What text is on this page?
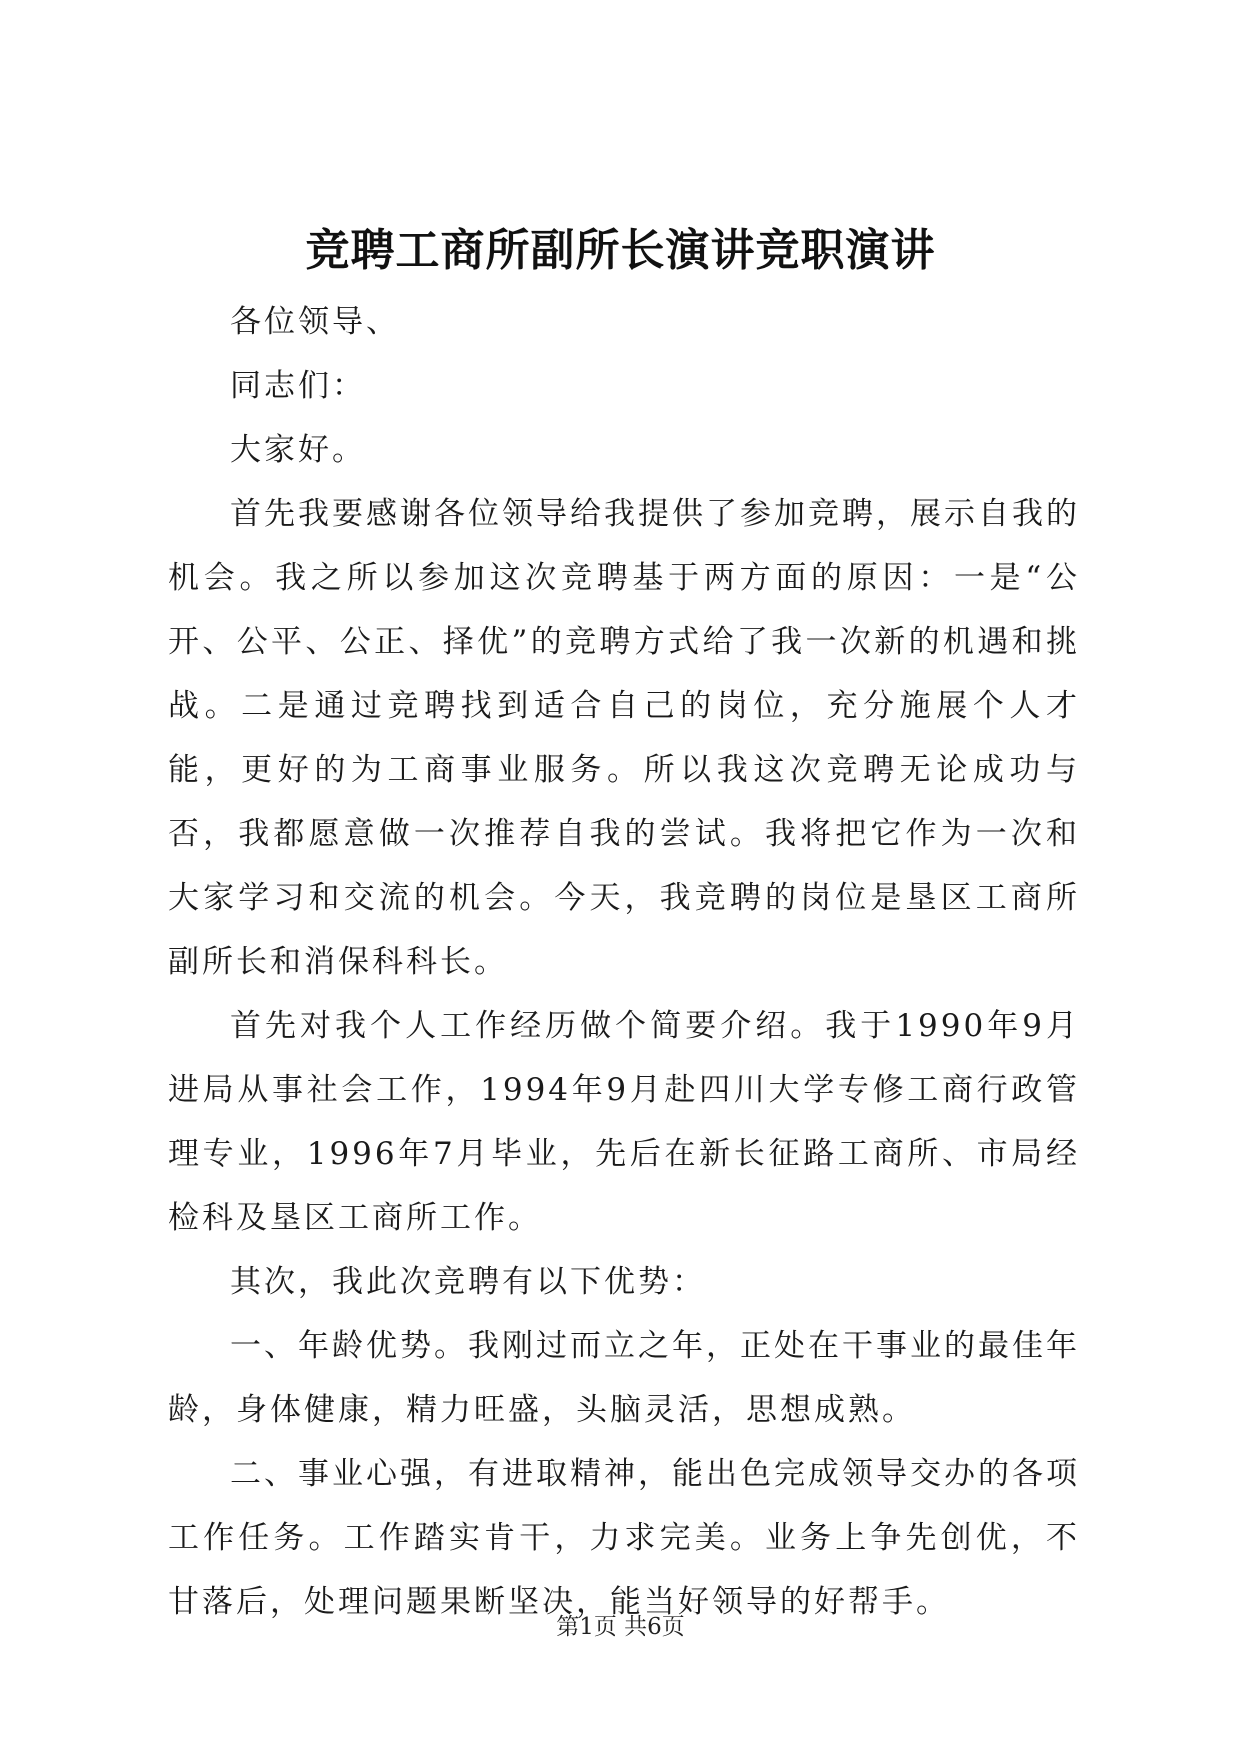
竞聘工商所副所长演讲竞职演讲

各位领导、

同志们：

大家好。

首先我要感谢各位领导给我提供了参加竞聘，展示自我的机会。我之所以参加这次竞聘基于两方面的原因：一是“公开、公平、公正、择优”的竞聘方式给了我一次新的机遇和挑战。二是通过竞聘找到适合自己的岗位，充分施展个人才能，更好的为工商事业服务。所以我这次竞聘无论成功与否，我都愿意做一次推荐自我的尝试。我将把它作为一次和大家学习和交流的机会。今天，我竞聘的岗位是垦区工商所副所长和消保科科长。

首先对我个人工作经历做个简要介绍。我于1990年9月进局从事社会工作，1994年9月赴四川大学专修工商行政管理专业，1996年7月毕业，先后在新长征路工商所、市局经检科及垦区工商所工作。

其次，我此次竞聘有以下优势：

一、年龄优势。我刚过而立之年，正处在干事业的最佳年龄，身体健康，精力旺盛，头脑灵活，思想成熟。

二、事业心强，有进取精神，能出色完成领导交办的各项工作任务。工作踏实肯干，力求完美。业务上争先创优，不甘落后，处理问题果断坚决，能当好领导的好帮手。

第1页 共6页
